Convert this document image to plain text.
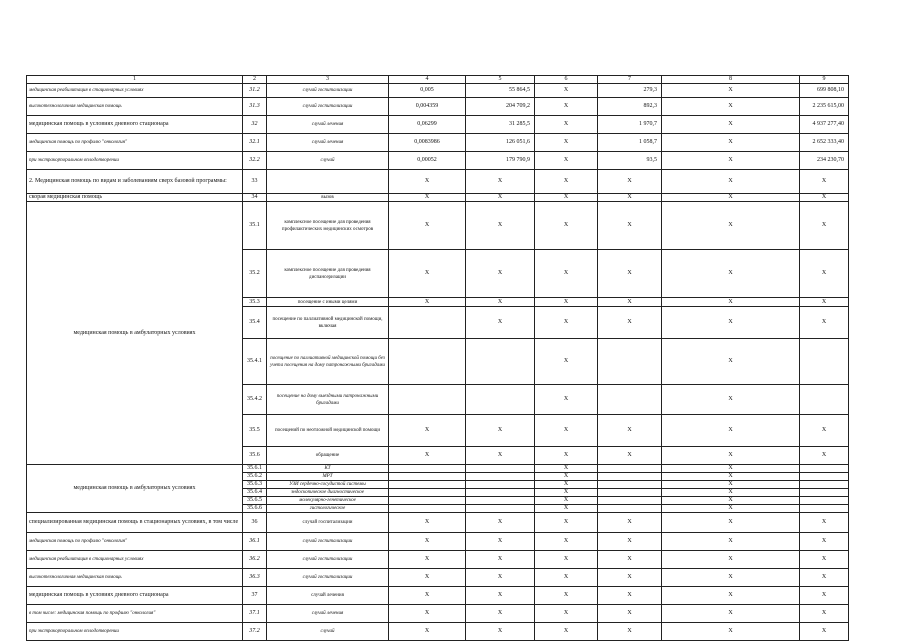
1	2	3	4	5	6	7	8	9	
медицинская реабилитация в стационарных условиях	31.2	случай госпитализации	0,005	55 864,5	X	279,3	X	699 808,10	
высокотехнологичная медицинская помощь	31.3	случай госпитализации	0,004359	204 709,2	X	892,3	X	2 235 615,00	
медицинская помощь в условиях дневного стационара	32	случай лечения	0,06299	31 285,5	X	1 970,7	X	4 937 277,40	
медицинская помощь по профилю "онкология"	32.1	случай лечения	0,0083986	126 051,6	X	1 058,7	X	2 652 333,40	
при экстракорпоральном оплодотворении	32.2	случай	0,00052	179 790,9	X	93,5	X	234 230,70	
2. Медицинская помощь по видам и заболеваниям сверх базовой программы:	33		X	X	X	X	X	X	
скорая медицинская помощь	34	вызов	X	X	X	X	X	X	
медицинская помощь в амбулаторных условиях	35.1	комплексное посещение для проведения профилактических медицинских осмотров	X	X	X	X	X	X	
	35.2	комплексное посещение для проведения диспансеризации	X	X	X	X	X	X	
	35.3	посещение с иными целями	X	X	X	X	X	X	
	35.4	посещение по паллиативной медицинской помощи, включая		X	X	X	X	X	
	35.4.1	посещение по паллиативной медицинской помощи без учета посещения на дому патронажными бригадами			X		X		
	35.4.2	посещение на дому выездными патронажными бригадами			X		X		
	35.5	посещений по неотложной медицинской помощи	X	X	X	X	X	X	
	35.6	обращение	X	X	X	X	X	X	
медицинская помощь в амбулаторных условиях	35.6.1	КТ			X		X		
	35.6.2	МРТ			X		X		
	35.6.3	УЗИ сердечно-сосудистой системы			X		X		
	35.6.4	эндоскопическое диагностическое			X		X		
	35.6.5	молекулярно-генетическое			X		X		
	35.6.6	гистологическое			X		X		
специализированная медицинская помощь в стационарных условиях, в том числе	36	случай госпитализации	X	X	X	X	X	X	
медицинская помощь по профилю "онкология"	36.1	случай госпитализации	X	X	X	X	X	X	
медицинская реабилитация в стационарных условиях	36.2	случай госпитализации	X	X	X	X	X	X	
высокотехнологичная медицинская помощь	36.3	случай госпитализации	X	X	X	X	X	X	
медицинская помощь в условиях дневного стационара	37	случай лечения	X	X	X	X	X	X	
в том числе: медицинская помощь по профилю "онкология"	37.1	случай лечения	X	X	X	X	X	X	
при экстракорпоральном оплодотворении	37.2	случай	X	X	X	X	X	X	
